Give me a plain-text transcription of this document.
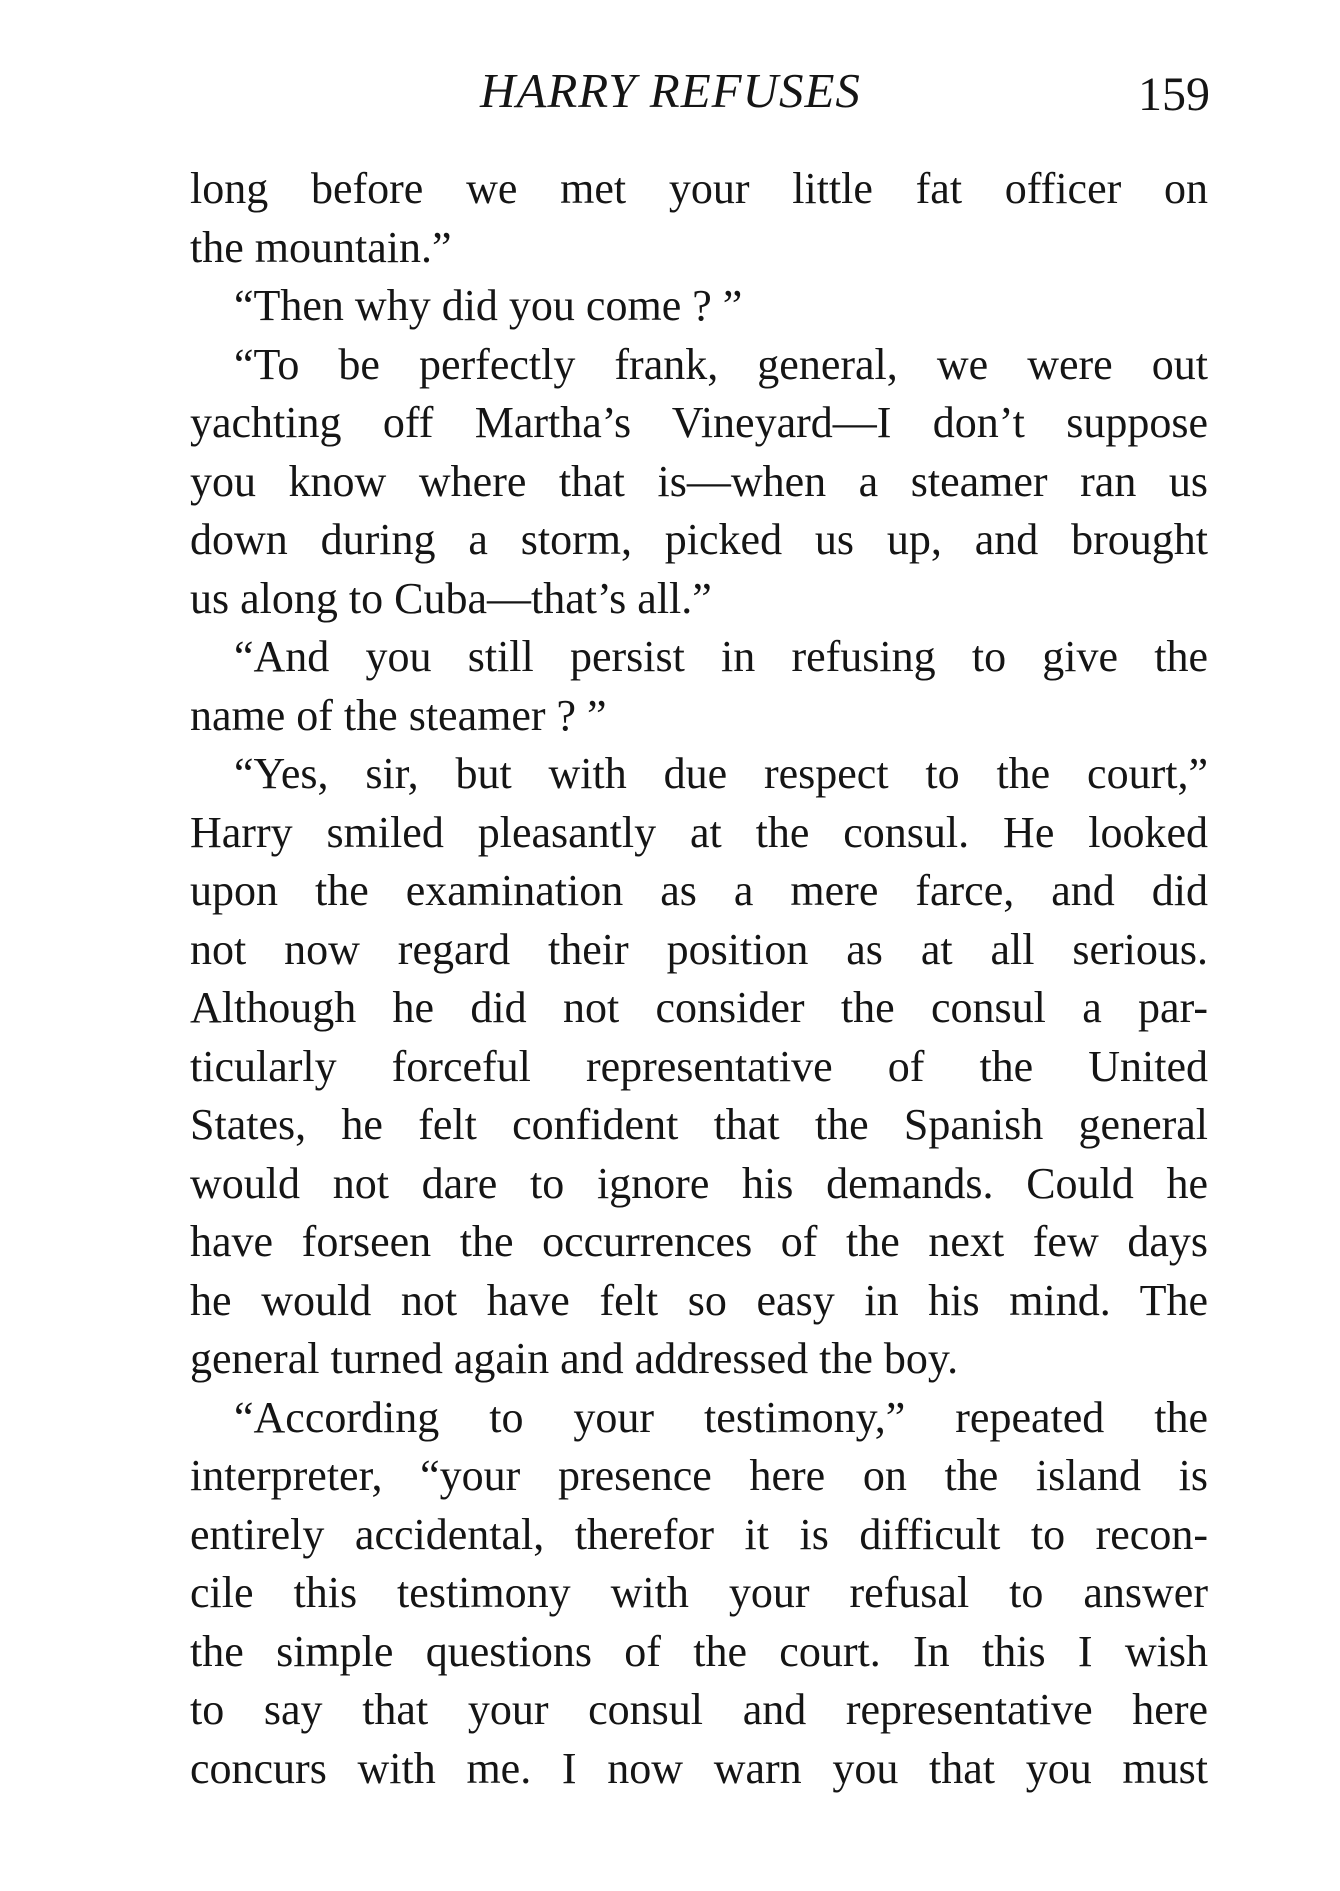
HARRY REFUSES	159
long before we met your little fat officer on
the mountain.”
“Then why did you come ? ”
“To be perfectly frank, general, we were out
yachting off Martha’s Vineyard—I don’t suppose
you know where that is—when a steamer ran us
down during a storm, picked us up, and brought
us along to Cuba—that’s all.”
“And you still persist in refusing to give the
name of the steamer ? ”
“Yes, sir, but with due respect to the court,”
Harry smiled pleasantly at the consul. He looked
upon the examination as a mere farce, and did
not now regard their position as at all serious.
Although he did not consider the consul a par-
ticularly forceful representative of the United
States, he felt confident that the Spanish general
would not dare to ignore his demands. Could he
have forseen the occurrences of the next few days
he would not have felt so easy in his mind. The
general turned again and addressed the boy.
“According to your testimony,” repeated the
interpreter, “your presence here on the island is
entirely accidental, therefor it is difficult to recon-
cile this testimony with your refusal to answer
the simple questions of the court. In this I wish
to say that your consul and representative here
concurs with me. I now warn you that you must
